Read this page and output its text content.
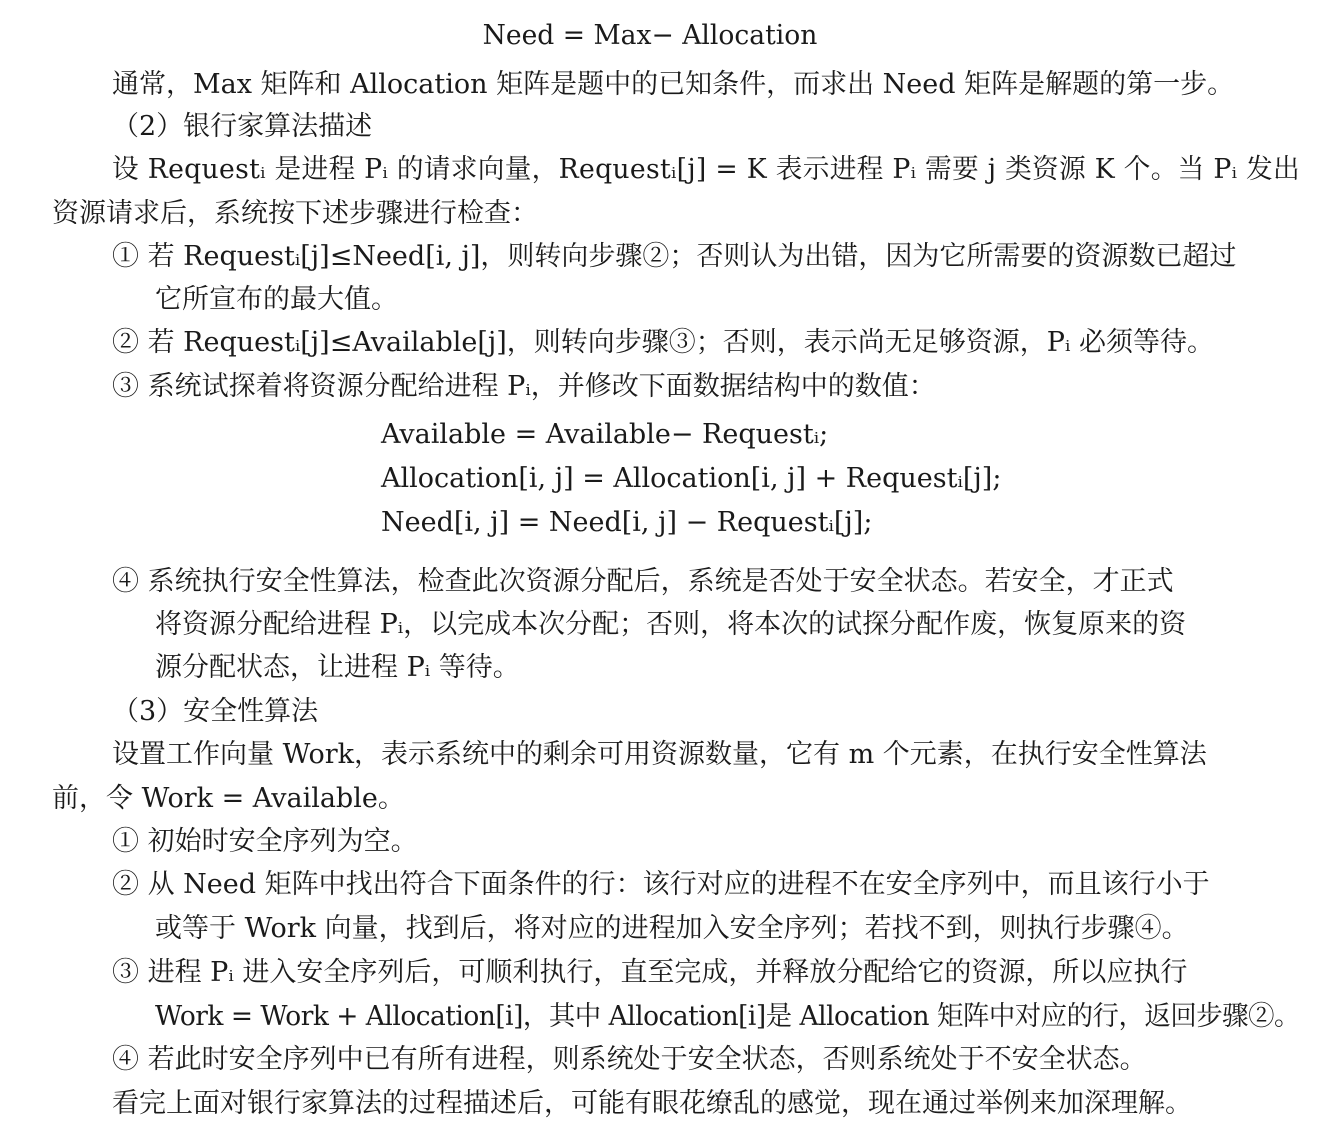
Need = Max− Allocation
通常，Max 矩阵和 Allocation 矩阵是题中的已知条件，而求出 Need 矩阵是解题的第一步。
（2）银行家算法描述
设 Requestᵢ 是进程 Pᵢ 的请求向量，Requestᵢ[j] = K 表示进程 Pᵢ 需要 j 类资源 K 个。当 Pᵢ 发出
资源请求后，系统按下述步骤进行检查：
① 若 Requestᵢ[j]≤Need[i, j]，则转向步骤②；否则认为出错，因为它所需要的资源数已超过
它所宣布的最大值。
② 若 Requestᵢ[j]≤Available[j]，则转向步骤③；否则，表示尚无足够资源，Pᵢ 必须等待。
③ 系统试探着将资源分配给进程 Pᵢ，并修改下面数据结构中的数值：
Available = Available− Requestᵢ;
Allocation[i, j] = Allocation[i, j] + Requestᵢ[j];
Need[i, j] = Need[i, j] − Requestᵢ[j];
④ 系统执行安全性算法，检查此次资源分配后，系统是否处于安全状态。若安全，才正式
将资源分配给进程 Pᵢ，以完成本次分配；否则，将本次的试探分配作废，恢复原来的资
源分配状态，让进程 Pᵢ 等待。
（3）安全性算法
设置工作向量 Work，表示系统中的剩余可用资源数量，它有 m 个元素，在执行安全性算法
前，令 Work = Available。
① 初始时安全序列为空。
② 从 Need 矩阵中找出符合下面条件的行：该行对应的进程不在安全序列中，而且该行小于
或等于 Work 向量，找到后，将对应的进程加入安全序列；若找不到，则执行步骤④。
③ 进程 Pᵢ 进入安全序列后，可顺利执行，直至完成，并释放分配给它的资源，所以应执行
Work = Work + Allocation[i]，其中 Allocation[i]是 Allocation 矩阵中对应的行，返回步骤②。
④ 若此时安全序列中已有所有进程，则系统处于安全状态，否则系统处于不安全状态。
看完上面对银行家算法的过程描述后，可能有眼花缭乱的感觉，现在通过举例来加深理解。
